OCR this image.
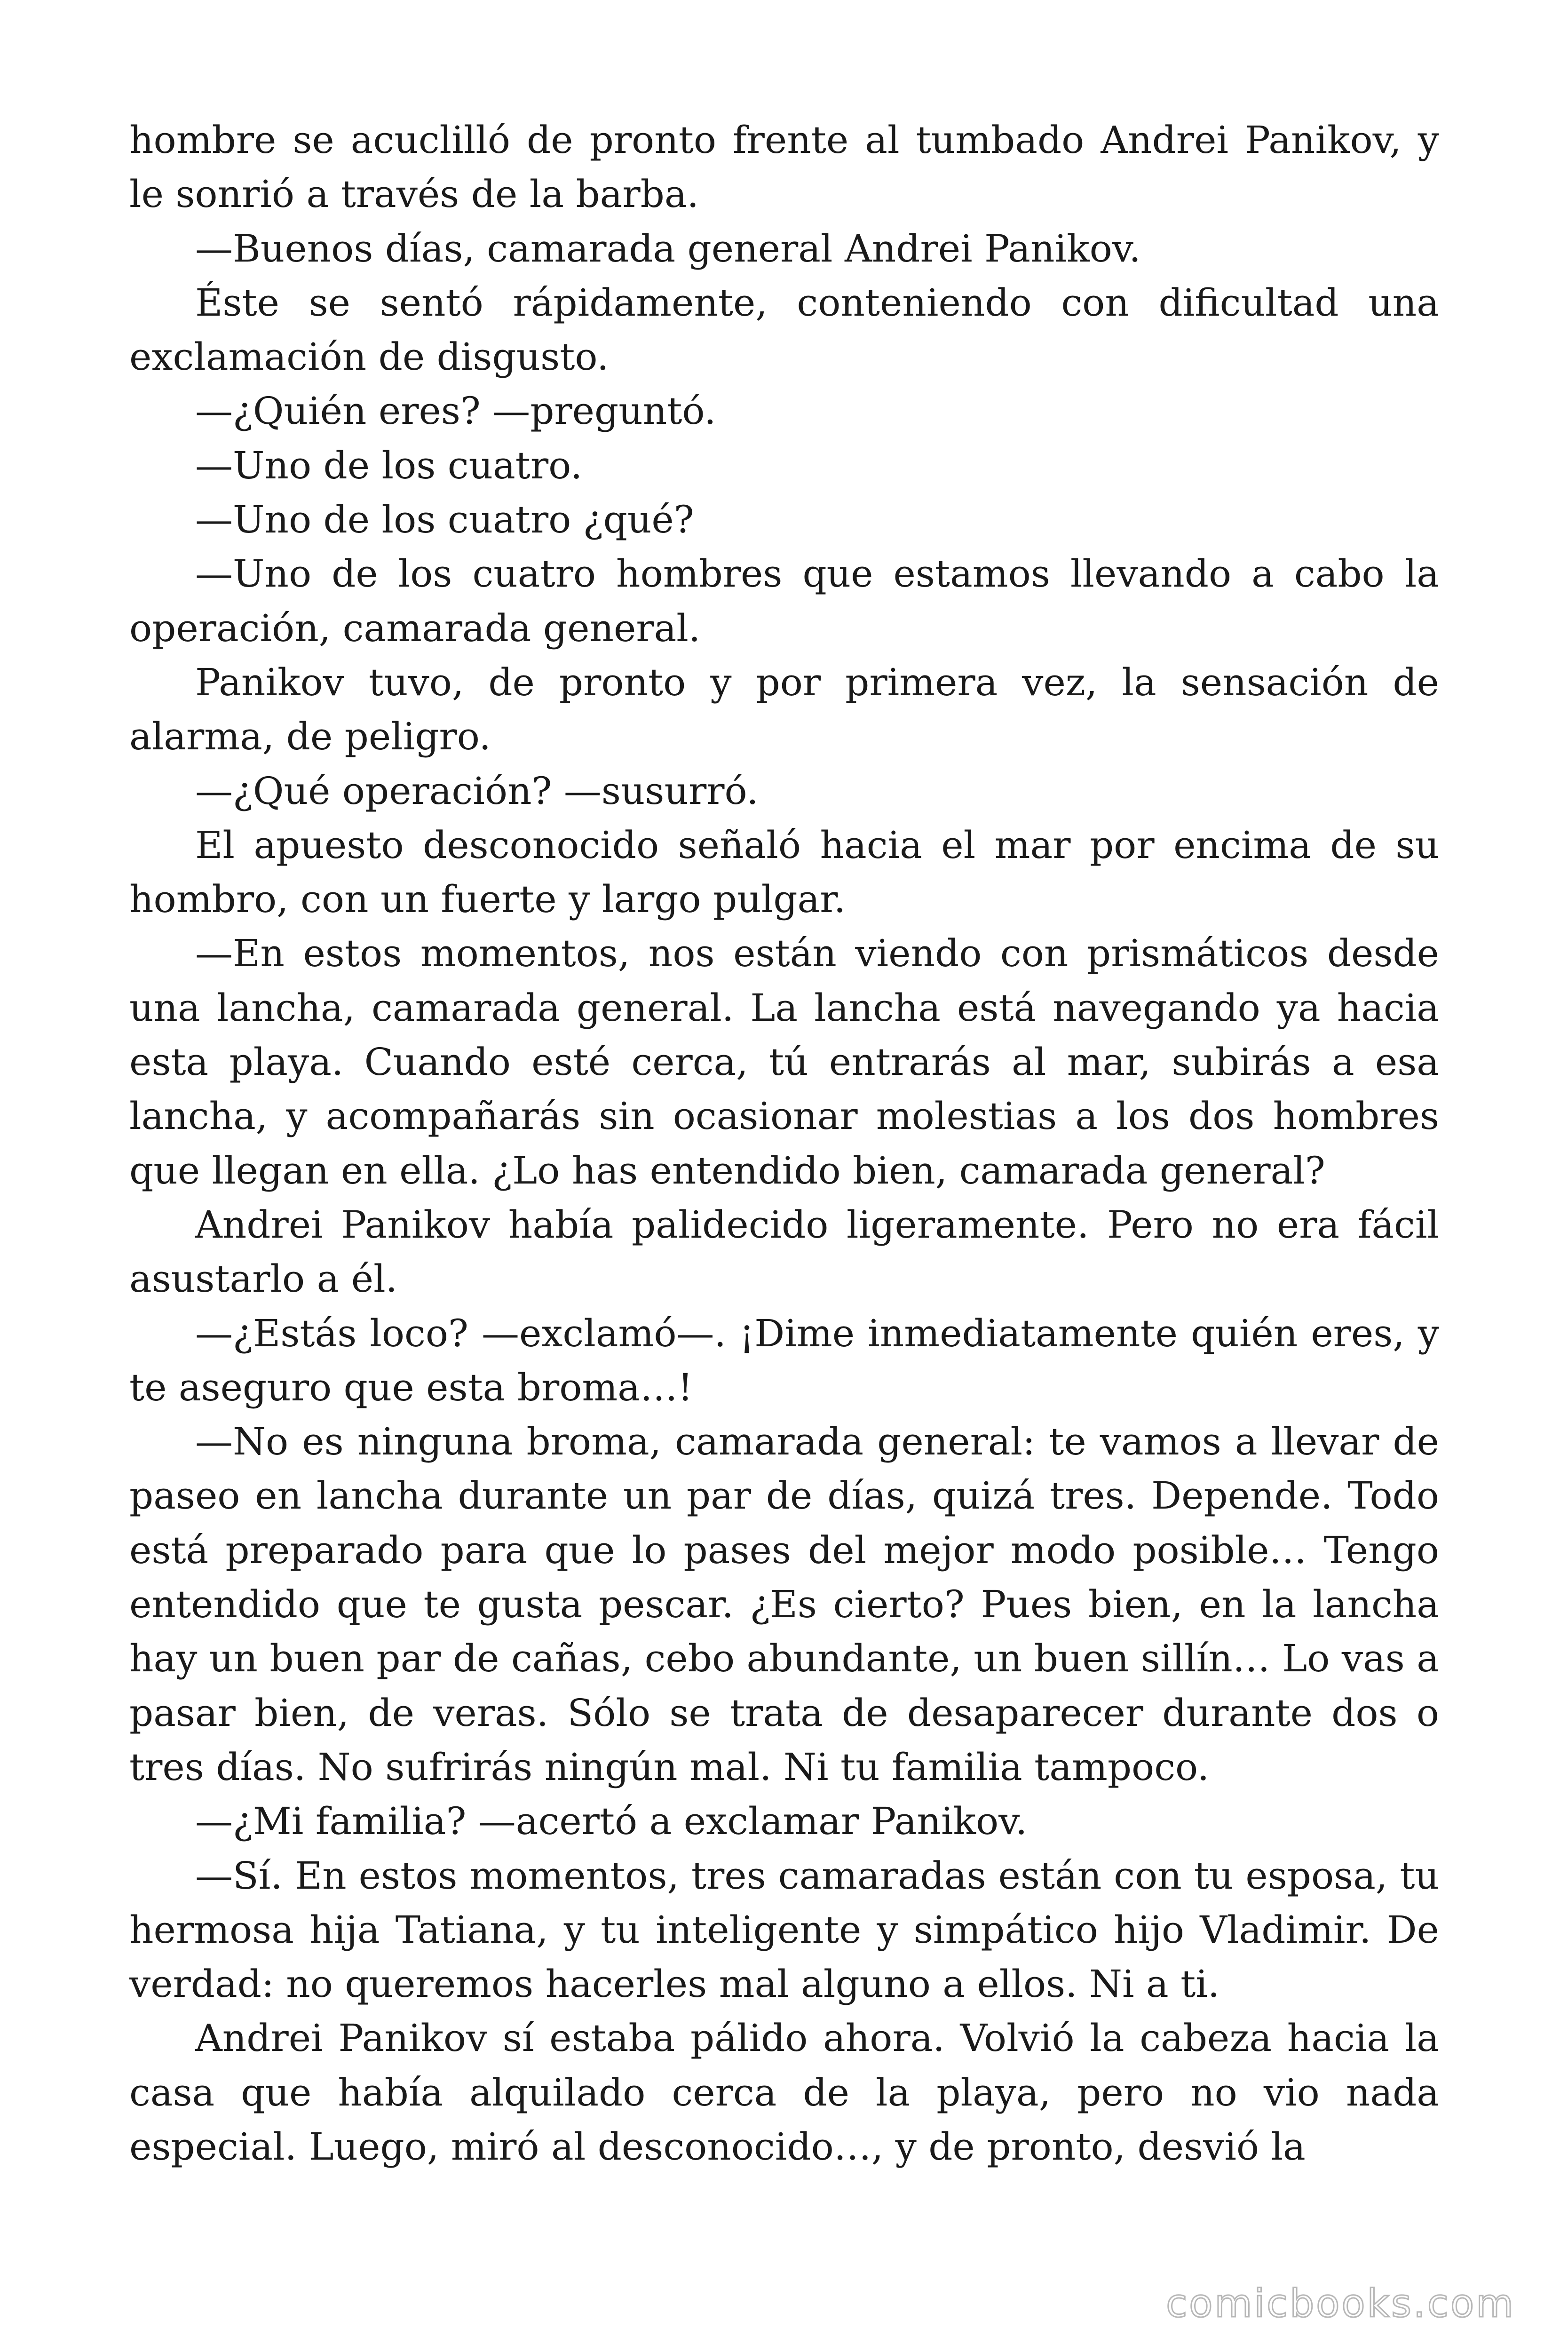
hombre se acuclilló de pronto frente al tumbado Andrei Panikov, y le sonrió a través de la barba.

—Buenos días, camarada general Andrei Panikov.

Éste se sentó rápidamente, conteniendo con dificultad una exclamación de disgusto.

—¿Quién eres? —preguntó.

—Uno de los cuatro.

—Uno de los cuatro ¿qué?

—Uno de los cuatro hombres que estamos llevando a cabo la operación, camarada general.

Panikov tuvo, de pronto y por primera vez, la sensación de alarma, de peligro.

—¿Qué operación? —susurró.

El apuesto desconocido señaló hacia el mar por encima de su hombro, con un fuerte y largo pulgar.

—En estos momentos, nos están viendo con prismáticos desde una lancha, camarada general. La lancha está navegando ya hacia esta playa. Cuando esté cerca, tú entrarás al mar, subirás a esa lancha, y acompañarás sin ocasionar molestias a los dos hombres que llegan en ella. ¿Lo has entendido bien, camarada general?

Andrei Panikov había palidecido ligeramente. Pero no era fácil asustarlo a él.

—¿Estás loco? —exclamó—. ¡Dime inmediatamente quién eres, y te aseguro que esta broma…!

—No es ninguna broma, camarada general: te vamos a llevar de paseo en lancha durante un par de días, quizá tres. Depende. Todo está preparado para que lo pases del mejor modo posible… Tengo entendido que te gusta pescar. ¿Es cierto? Pues bien, en la lancha hay un buen par de cañas, cebo abundante, un buen sillín… Lo vas a pasar bien, de veras. Sólo se trata de desaparecer durante dos o tres días. No sufrirás ningún mal. Ni tu familia tampoco.

—¿Mi familia? —acertó a exclamar Panikov.

—Sí. En estos momentos, tres camaradas están con tu esposa, tu hermosa hija Tatiana, y tu inteligente y simpático hijo Vladimir. De verdad: no queremos hacerles mal alguno a ellos. Ni a ti.

Andrei Panikov sí estaba pálido ahora. Volvió la cabeza hacia la casa que había alquilado cerca de la playa, pero no vio nada especial. Luego, miró al desconocido…, y de pronto, desvió la

comicbooks.com
